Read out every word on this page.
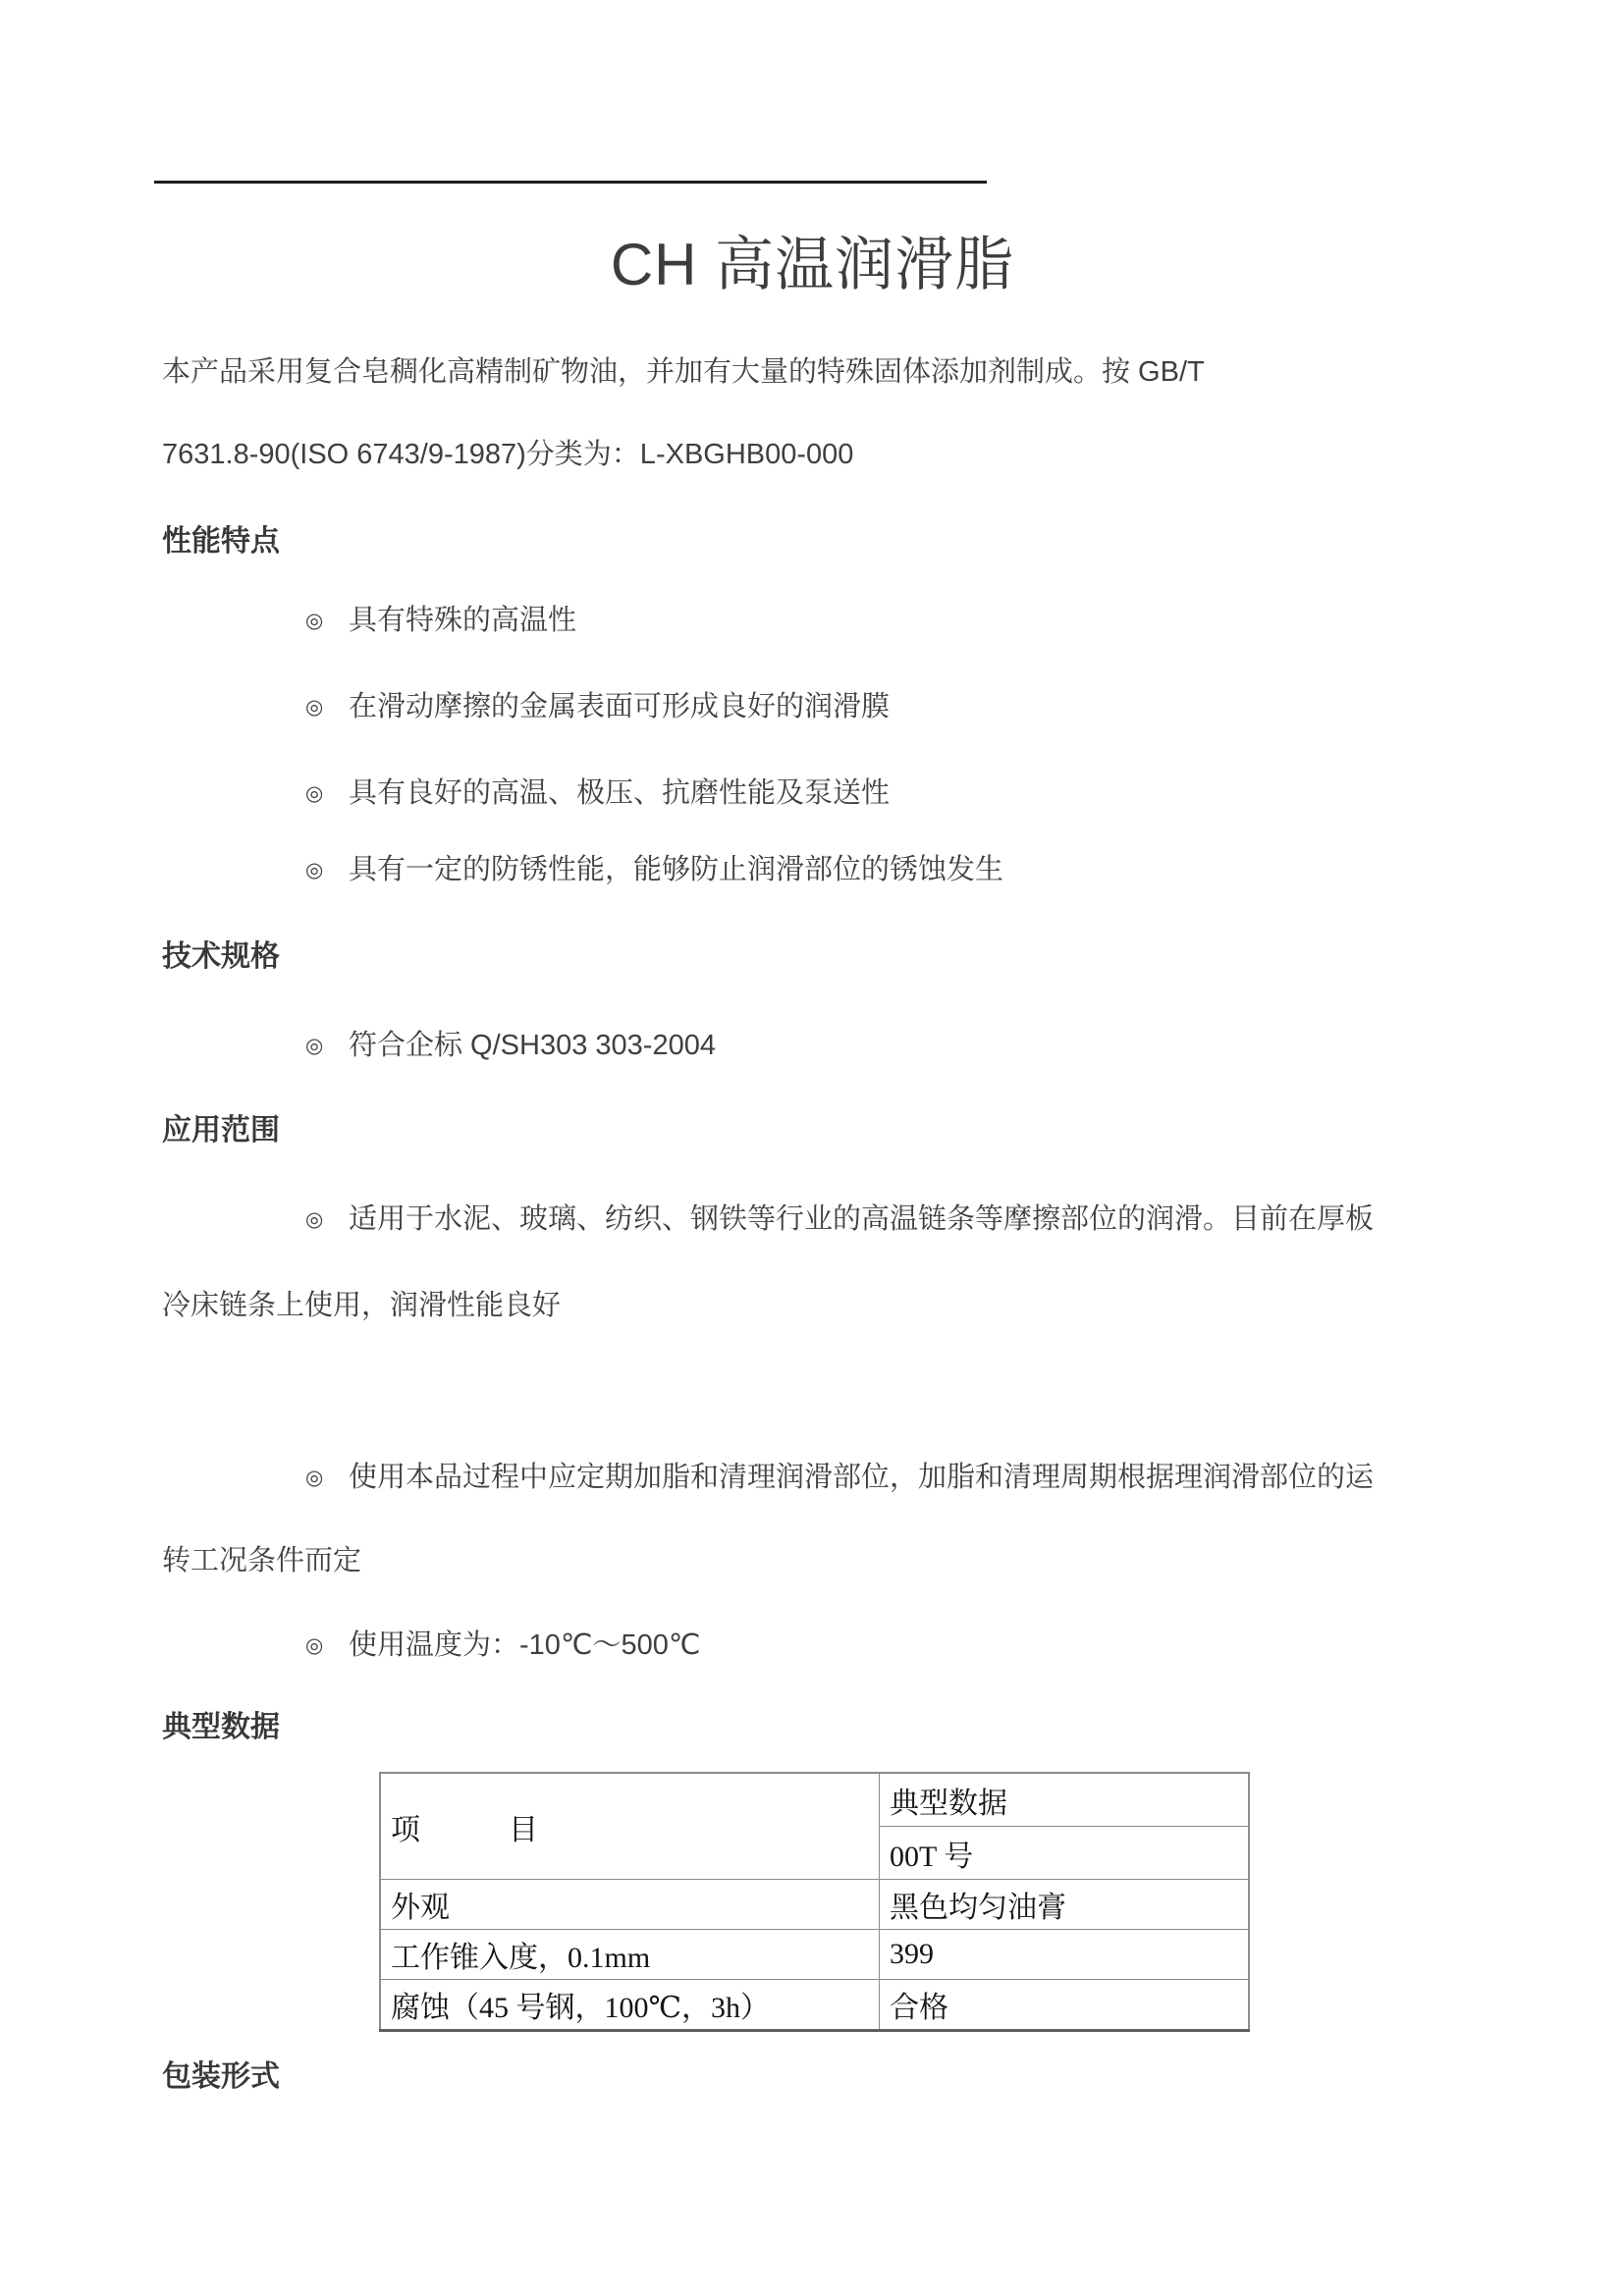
CH 高温润滑脂
本产品采用复合皂稠化高精制矿物油，并加有大量的特殊固体添加剂制成。按 GB/T
7631.8-90(ISO 6743/9-1987)分类为：L-XBGHB00-000
性能特点
◎ 具有特殊的高温性
◎ 在滑动摩擦的金属表面可形成良好的润滑膜
◎ 具有良好的高温、极压、抗磨性能及泵送性
◎ 具有一定的防锈性能，能够防止润滑部位的锈蚀发生
技术规格
◎ 符合企标 Q/SH303 303-2004
应用范围
◎ 适用于水泥、玻璃、纺织、钢铁等行业的高温链条等摩擦部位的润滑。目前在厚板
冷床链条上使用，润滑性能良好
◎ 使用本品过程中应定期加脂和清理润滑部位，加脂和清理周期根据理润滑部位的运
转工况条件而定
◎ 使用温度为：-10℃～500℃
典型数据
项　　　目	典型数据
	00T 号
外观	黑色均匀油膏
工作锥入度，0.1mm	399
腐蚀（45 号钢，100℃，3h）	合格
包装形式
